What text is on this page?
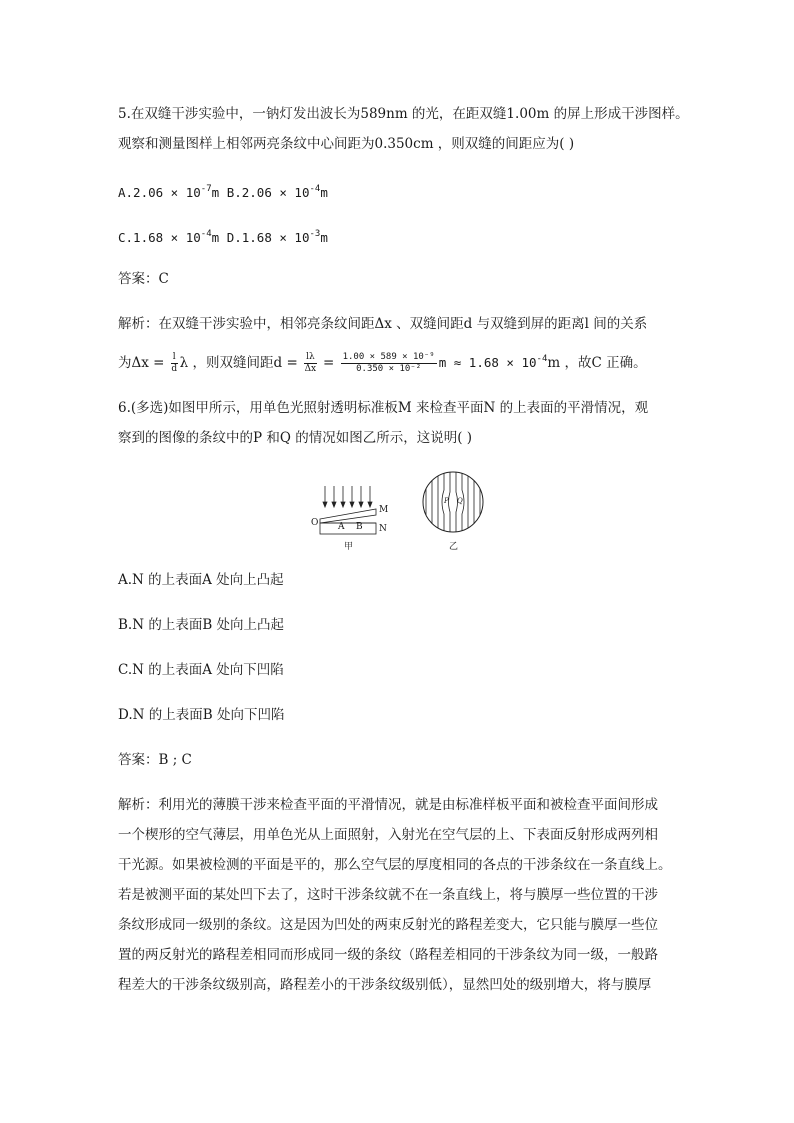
5.在双缝干涉实验中，一钠灯发出波长为589nm 的光，在距双缝1.00m 的屏上形成干涉图样。
观察和测量图样上相邻两亮条纹中心间距为0.350cm ，则双缝的间距应为( )
$A.2.06 \times 10^{-7}m$ $B.2.06 \times 10^{-4}m$
$C.1.68 \times 10^{-4}m$ $D.1.68 \times 10^{-3}m$
答案：C
解析：在双缝干涉实验中，相邻亮条纹间距Δx 、双缝间距d 与双缝到屏的距离l 间的关系
为$\Delta x = \frac{l}{d}$ λ ，则双缝间距$d = \frac{l\lambda}{\Delta x} = \frac{\text{1.00 × 589 × 10⁻⁹}}{\text{0.350 × 10⁻²}}$ $m \approx 1.68 \times 10^{-4}m$ ，故C 正确。
6.(多选)如图甲所示，用单色光照射透明标准板M 来检查平面N 的上表面的平滑情况，观
察到的图像的条纹中的P 和Q 的情况如图乙所示，这说明( )
O A B
M
N
甲
P Q
乙
A.N 的上表面A 处向上凸起
B.N 的上表面B 处向上凸起
C.N 的上表面A 处向下凹陷
D.N 的上表面B 处向下凹陷
答案：B ; C
解析：利用光的薄膜干涉来检查平面的平滑情况，就是由标准样板平面和被检查平面间形成
一个楔形的空气薄层，用单色光从上面照射，入射光在空气层的上、下表面反射形成两列相
干光源。如果被检测的平面是平的，那么空气层的厚度相同的各点的干涉条纹在一条直线上。
若是被测平面的某处凹下去了，这时干涉条纹就不在一条直线上，将与膜厚一些位置的干涉
条纹形成同一级别的条纹。这是因为凹处的两束反射光的路程差变大，它只能与膜厚一些位
置的两反射光的路程差相同而形成同一级的条纹（路程差相同的干涉条纹为同一级，一般路
程差大的干涉条纹级别高，路程差小的干涉条纹级别低），显然凹处的级别增大，将与膜厚
